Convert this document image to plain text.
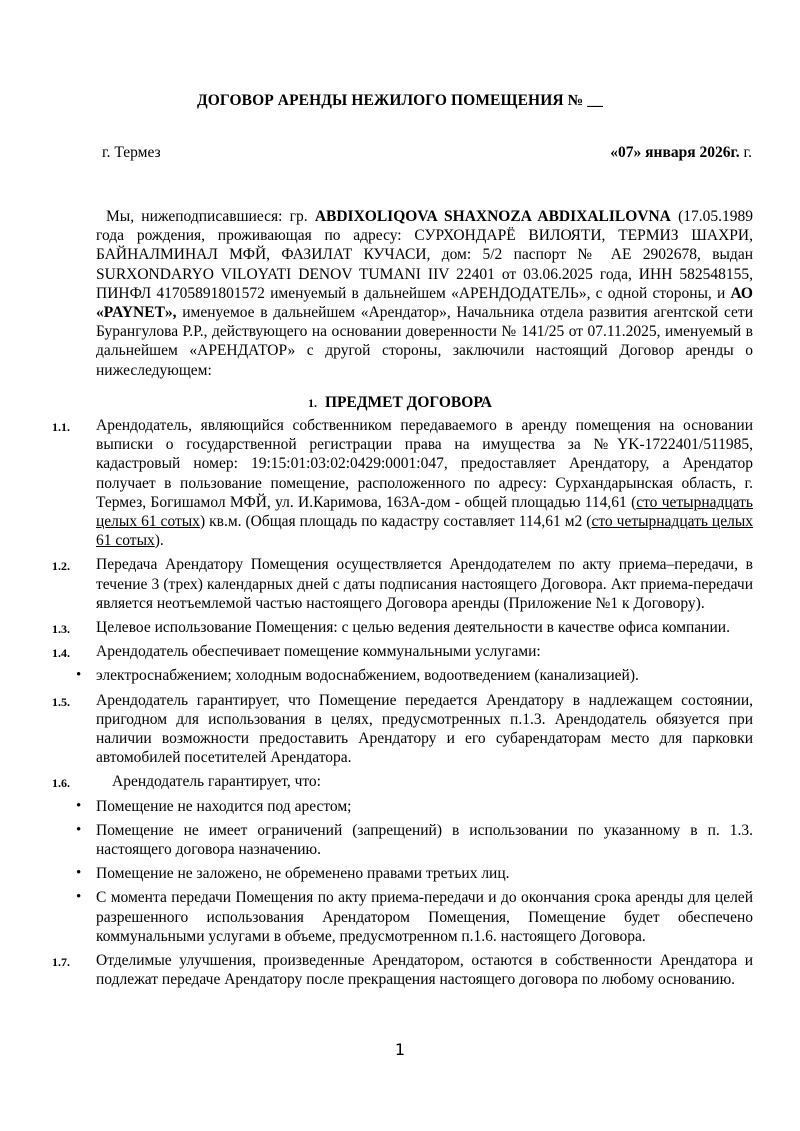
ДОГОВОР АРЕНДЫ НЕЖИЛОГО ПОМЕЩЕНИЯ № __
г. Термез	«07» января 2026г. г.
Мы, нижеподписавшиеся: гр. ABDIXOLIQOVA SHAXNOZA ABDIXALILOVNA (17.05.1989 года рождения, проживающая по адресу: СУРХОНДАРЁ ВИЛОЯТИ, ТЕРМИЗ ШАХРИ, БАЙНАЛМИНАЛ МФЙ, ФАЗИЛАТ КУЧАСИ, дом: 5/2 паспорт № АЕ 2902678, выдан SURXONDARYO VILOYATI DENOV TUMANI IIV 22401 от 03.06.2025 года, ИНН 582548155, ПИНФЛ 41705891801572 именуемый в дальнейшем «АРЕНДОДАТЕЛЬ», с одной стороны, и АО «PAYNET», именуемое в дальнейшем «Арендатор», Начальника отдела развития агентской сети Бурангулова Р.Р., действующего на основании доверенности № 141/25 от 07.11.2025, именуемый в дальнейшем «АРЕНДАТОР» с другой стороны, заключили настоящий Договор аренды о нижеследующем:
1. ПРЕДМЕТ ДОГОВОРА
1.1. Арендодатель, являющийся собственником передаваемого в аренду помещения на основании выписки о государственной регистрации права на имущества за №YK-1722401/511985, кадастровый номер: 19:15:01:03:02:0429:0001:047, предоставляет Арендатору, а Арендатор получает в пользование помещение, расположенного по адресу: Сурхандарынская область, г. Термез, Богишамол МФЙ, ул. И.Каримова, 163А-дом - общей площадью 114,61 (сто четырнадцать целых 61 сотых) кв.м. (Общая площадь по кадастру составляет 114,61 м2 (сто четырнадцать целых 61 сотых).
1.2. Передача Арендатору Помещения осуществляется Арендодателем по акту приема–передачи, в течение 3 (трех) календарных дней с даты подписания настоящего Договора. Акт приема-передачи является неотъемлемой частью настоящего Договора аренды (Приложение №1 к Договору).
1.3. Целевое использование Помещения: с целью ведения деятельности в качестве офиса компании.
1.4. Арендодатель обеспечивает помещение коммунальными услугами:
• электроснабжением; холодным водоснабжением, водоотведением (канализацией).
1.5. Арендодатель гарантирует, что Помещение передается Арендатору в надлежащем состоянии, пригодном для использования в целях, предусмотренных п.1.3. Арендодатель обязуется при наличии возможности предоставить Арендатору и его субарендаторам место для парковки автомобилей посетителей Арендатора.
1.6.	Арендодатель гарантирует, что:
• Помещение не находится под арестом;
• Помещение не имеет ограничений (запрещений) в использовании по указанному в п. 1.3. настоящего договора назначению.
• Помещение не заложено, не обременено правами третьих лиц.
• С момента передачи Помещения по акту приема-передачи и до окончания срока аренды для целей разрешенного использования Арендатором Помещения, Помещение будет обеспечено коммунальными услугами в объеме, предусмотренном п.1.6. настоящего Договора.
1.7. Отделимые улучшения, произведенные Арендатором, остаются в собственности Арендатора и подлежат передаче Арендатору после прекращения настоящего договора по любому основанию.
1
